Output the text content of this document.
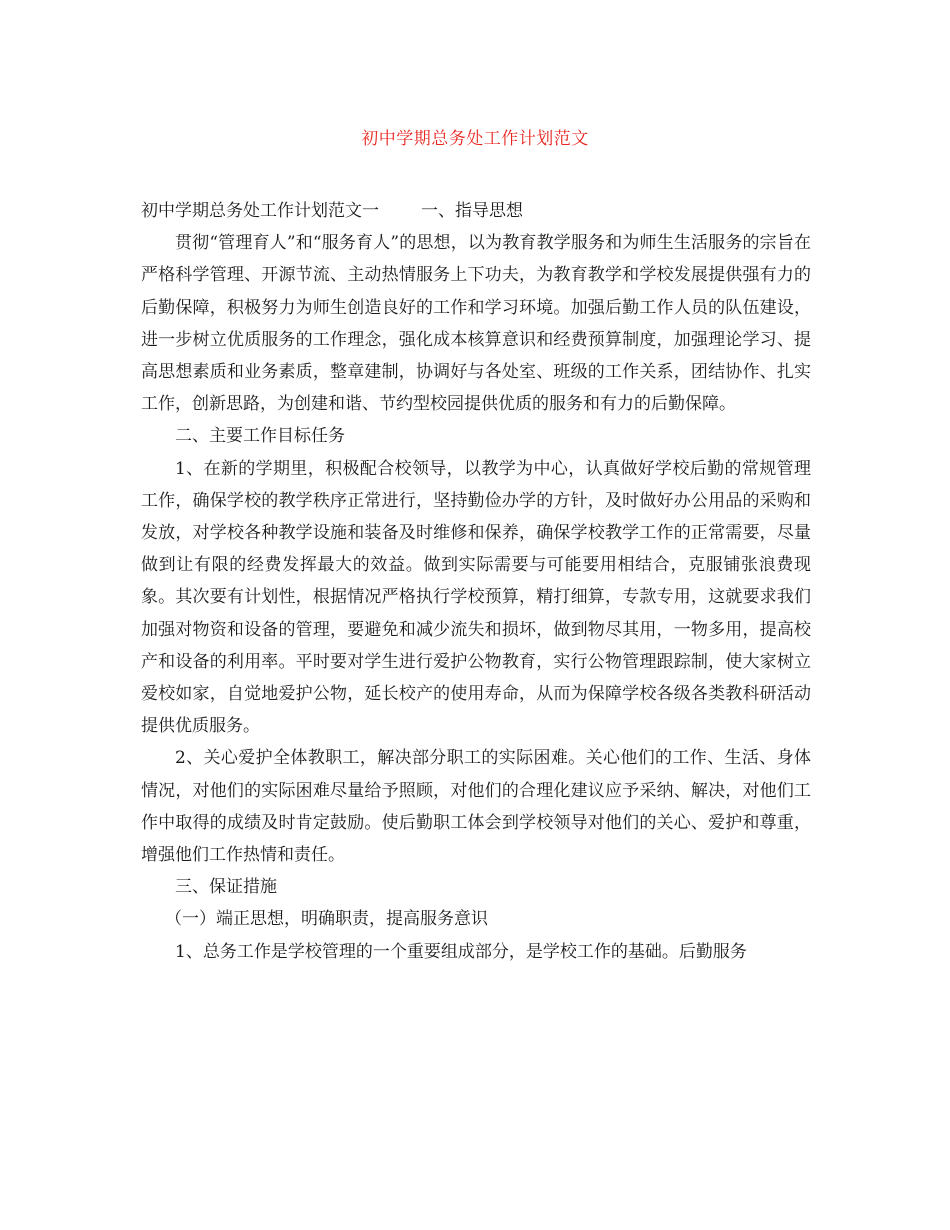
初中学期总务处工作计划范文

初中学期总务处工作计划范文一 一、指导思想

贯彻“管理育人”和“服务育人”的思想，以为教育教学服务和为师生生活服务的宗旨在严格科学管理、开源节流、主动热情服务上下功夫，为教育教学和学校发展提供强有力的后勤保障，积极努力为师生创造良好的工作和学习环境。加强后勤工作人员的队伍建设，进一步树立优质服务的工作理念，强化成本核算意识和经费预算制度，加强理论学习、提高思想素质和业务素质，整章建制，协调好与各处室、班级的工作关系，团结协作、扎实工作，创新思路，为创建和谐、节约型校园提供优质的服务和有力的后勤保障。

二、主要工作目标任务

1、在新的学期里，积极配合校领导，以教学为中心，认真做好学校后勤的常规管理工作，确保学校的教学秩序正常进行，坚持勤俭办学的方针，及时做好办公用品的采购和发放，对学校各种教学设施和装备及时维修和保养，确保学校教学工作的正常需要，尽量做到让有限的经费发挥最大的效益。做到实际需要与可能要用相结合，克服铺张浪费现象。其次要有计划性，根据情况严格执行学校预算，精打细算，专款专用，这就要求我们加强对物资和设备的管理，要避免和减少流失和损坏，做到物尽其用，一物多用，提高校产和设备的利用率。平时要对学生进行爱护公物教育，实行公物管理跟踪制，使大家树立爱校如家，自觉地爱护公物，延长校产的使用寿命，从而为保障学校各级各类教科研活动提供优质服务。

2、关心爱护全体教职工，解决部分职工的实际困难。关心他们的工作、生活、身体情况，对他们的实际困难尽量给予照顾，对他们的合理化建议应予采纳、解决，对他们工作中取得的成绩及时肯定鼓励。使后勤职工体会到学校领导对他们的关心、爱护和尊重，增强他们工作热情和责任。

三、保证措施

（一）端正思想，明确职责，提高服务意识

1、总务工作是学校管理的一个重要组成部分，是学校工作的基础。后勤服务
